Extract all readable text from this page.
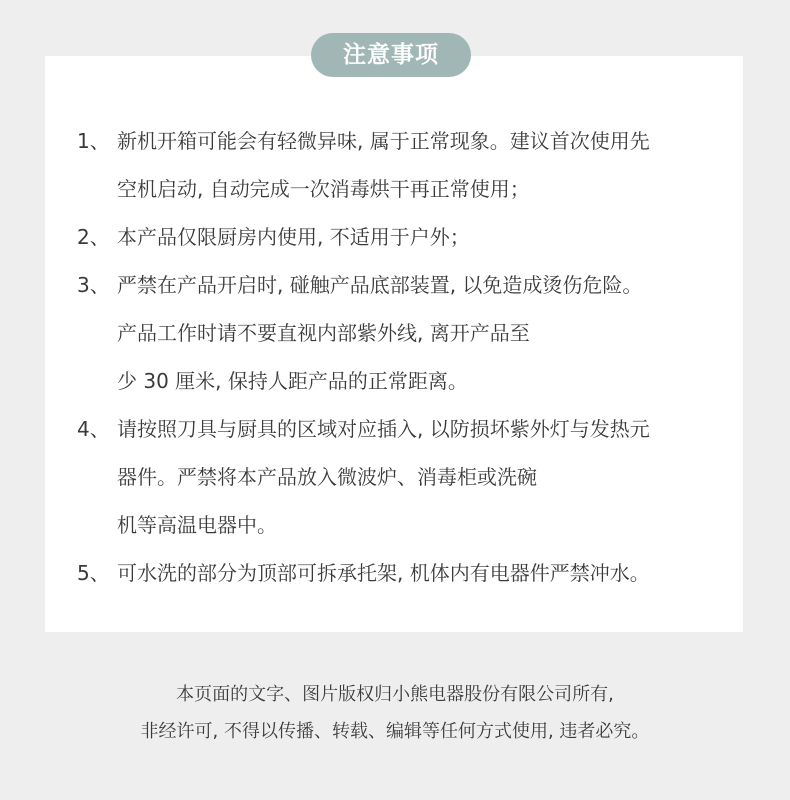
注意事项
1、 新机开箱可能会有轻微异味, 属于正常现象。建议首次使用先
空机启动, 自动完成一次消毒烘干再正常使用；
2、 本产品仅限厨房内使用, 不适用于户外；
3、 严禁在产品开启时, 碰触产品底部装置, 以免造成烫伤危险。
产品工作时请不要直视内部紫外线, 离开产品至
少 30 厘米, 保持人距产品的正常距离。
4、 请按照刀具与厨具的区域对应插入, 以防损坏紫外灯与发热元
器件。严禁将本产品放入微波炉、消毒柜或洗碗
机等高温电器中。
5、 可水洗的部分为顶部可拆承托架, 机体内有电器件严禁冲水。
本页面的文字、图片版权归小熊电器股份有限公司所有,
非经许可, 不得以传播、转载、编辑等任何方式使用, 违者必究。
